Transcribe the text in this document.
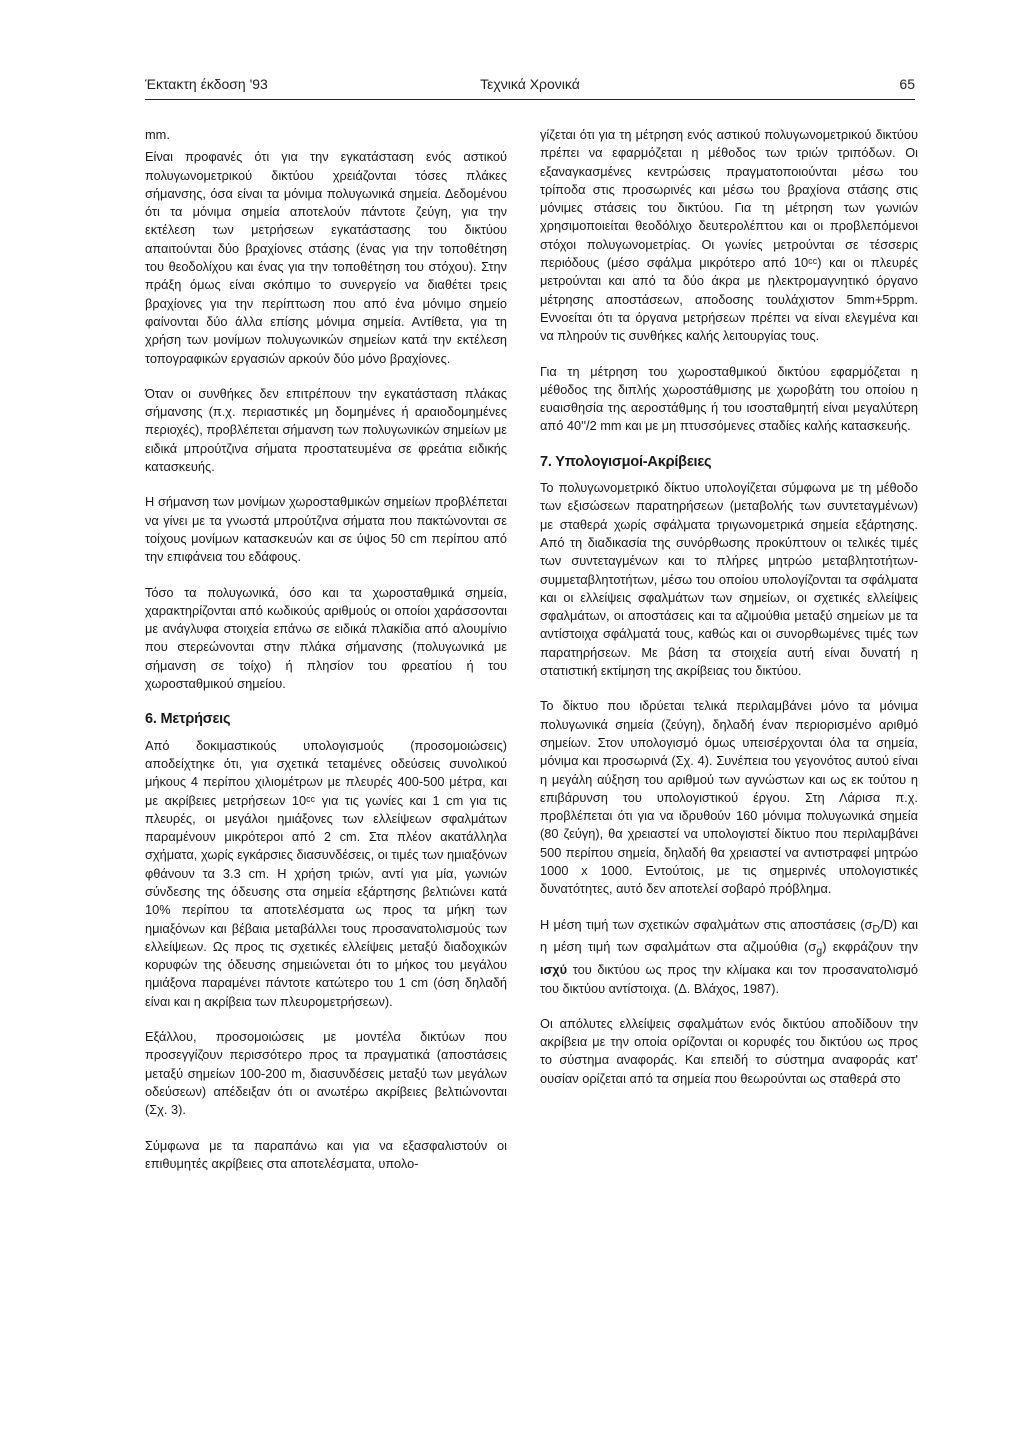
Έκτακτη έκδοση '93	Τεχνικά Χρονικά	65

mm.

Είναι προφανές ότι για την εγκατάσταση ενός αστικού πολυγωνομετρικού δικτύου χρειάζονται τόσες πλάκες σήμανσης, όσα είναι τα μόνιμα πολυγωνικά σημεία. Δεδομένου ότι τα μόνιμα σημεία αποτελούν πάντοτε ζεύγη, για την εκτέλεση των μετρήσεων εγκατάστασης του δικτύου απαιτούνται δύο βραχίονες στάσης (ένας για την τοποθέτηση του θεοδολίχου και ένας για την τοποθέτηση του στόχου). Στην πράξη όμως είναι σκόπιμο το συνεργείο να διαθέτει τρεις βραχίονες για την περίπτωση που από ένα μόνιμο σημείο φαίνονται δύο άλλα επίσης μόνιμα σημεία. Αντίθετα, για τη χρήση των μονίμων πολυγωνικών σημείων κατά την εκτέλεση τοπογραφικών εργασιών αρκούν δύο μόνο βραχίονες.

Όταν οι συνθήκες δεν επιτρέπουν την εγκατάσταση πλάκας σήμανσης (π.χ. περιαστικές μη δομημένες ή αραιοδομημένες περιοχές), προβλέπεται σήμανση των πολυγωνικών σημείων με ειδικά μπρούτζινα σήματα προστατευμένα σε φρεάτια ειδικής κατασκευής.

Η σήμανση των μονίμων χωροσταθμικών σημείων προβλέπεται να γίνει με τα γνωστά μπρούτζινα σήματα που πακτώνονται σε τοίχους μονίμων κατασκευών και σε ύψος 50 cm περίπου από την επιφάνεια του εδάφους.

Τόσο τα πολυγωνικά, όσο και τα χωροσταθμικά σημεία, χαρακτηρίζονται από κωδικούς αριθμούς οι οποίοι χαράσσονται με ανάγλυφα στοιχεία επάνω σε ειδικά πλακίδια από αλουμίνιο που στερεώνονται στην πλάκα σήμανσης (πολυγωνικά με σήμανση σε τοίχο) ή πλησίον του φρεατίου ή του χωροσταθμικού σημείου.

6. Μετρήσεις

Από δοκιμαστικούς υπολογισμούς (προσομοιώσεις) αποδείχτηκε ότι, για σχετικά τεταμένες οδεύσεις συνολικού μήκους 4 περίπου χιλιομέτρων με πλευρές 400-500 μέτρα, και με ακρίβειες μετρήσεων 10ᶜᶜ για τις γωνίες και 1 cm για τις πλευρές, οι μεγάλοι ημιάξονες των ελλείψεων σφαλμάτων παραμένουν μικρότεροι από 2 cm. Στα πλέον ακατάλληλα σχήματα, χωρίς εγκάρσιες διασυνδέσεις, οι τιμές των ημιαξόνων φθάνουν τα 3.3 cm. Η χρήση τριών, αντί για μία, γωνιών σύνδεσης της όδευσης στα σημεία εξάρτησης βελτιώνει κατά 10% περίπου τα αποτελέσματα ως προς τα μήκη των ημιαξόνων και βέβαια μεταβάλλει τους προσανατολισμούς των ελλείψεων. Ως προς τις σχετικές ελλείψεις μεταξύ διαδοχικών κορυφών της όδευσης σημειώνεται ότι το μήκος του μεγάλου ημιάξονα παραμένει πάντοτε κατώτερο του 1 cm (όση δηλαδή είναι και η ακρίβεια των πλευρομετρήσεων).

Εξάλλου, προσομοιώσεις με μοντέλα δικτύων που προσεγγίζουν περισσότερο προς τα πραγματικά (αποστάσεις μεταξύ σημείων 100-200 m, διασυνδέσεις μεταξύ των μεγάλων οδεύσεων) απέδειξαν ότι οι ανωτέρω ακρίβειες βελτιώνονται (Σχ. 3).

Σύμφωνα με τα παραπάνω και για να εξασφαλιστούν οι επιθυμητές ακρίβειες στα αποτελέσματα, υπολο-

γίζεται ότι για τη μέτρηση ενός αστικού πολυγωνομετρικού δικτύου πρέπει να εφαρμόζεται η μέθοδος των τριών τριπόδων. Οι εξαναγκασμένες κεντρώσεις πραγματοποιούνται μέσω του τρίποδα στις προσωρινές και μέσω του βραχίονα στάσης στις μόνιμες στάσεις του δικτύου. Για τη μέτρηση των γωνιών χρησιμοποιείται θεοδόλιχο δευτερολέπτου και οι προβλεπόμενοι στόχοι πολυγωνομετρίας. Οι γωνίες μετρούνται σε τέσσερις περιόδους (μέσο σφάλμα μικρότερο από 10ᶜᶜ) και οι πλευρές μετρούνται και από τα δύο άκρα με ηλεκτρομαγνητικό όργανο μέτρησης αποστάσεων, αποδοσης τουλάχιστον 5mm+5ppm. Εννοείται ότι τα όργανα μετρήσεων πρέπει να είναι ελεγμένα και να πληρούν τις συνθήκες καλής λειτουργίας τους.

Για τη μέτρηση του χωροσταθμικού δικτύου εφαρμόζεται η μέθοδος της διπλής χωροστάθμισης με χωροβάτη του οποίου η ευαισθησία της αεροστάθμης ή του ισοσταθμητή είναι μεγαλύτερη από 40''/2 mm και με μη πτυσσόμενες σταδίες καλής κατασκευής.

7. Υπολογισμοί-Ακρίβειες

Το πολυγωνομετρικό δίκτυο υπολογίζεται σύμφωνα με τη μέθοδο των εξισώσεων παρατηρήσεων (μεταβολής των συντεταγμένων) με σταθερά χωρίς σφάλματα τριγωνομετρικά σημεία εξάρτησης. Από τη διαδικασία της συνόρθωσης προκύπτουν οι τελικές τιμές των συντεταγμένων και το πλήρες μητρώο μεταβλητοτήτων-συμμεταβλητοτήτων, μέσω του οποίου υπολογίζονται τα σφάλματα και οι ελλείψεις σφαλμάτων των σημείων, οι σχετικές ελλείψεις σφαλμάτων, οι αποστάσεις και τα αζιμούθια μεταξύ σημείων με τα αντίστοιχα σφάλματά τους, καθώς και οι συνορθωμένες τιμές των παρατηρήσεων. Με βάση τα στοιχεία αυτή είναι δυνατή η στατιστική εκτίμηση της ακρίβειας του δικτύου.

Το δίκτυο που ιδρύεται τελικά περιλαμβάνει μόνο τα μόνιμα πολυγωνικά σημεία (ζεύγη), δηλαδή έναν περιορισμένο αριθμό σημείων. Στον υπολογισμό όμως υπεισέρχονται όλα τα σημεία, μόνιμα και προσωρινά (Σχ. 4). Συνέπεια του γεγονότος αυτού είναι η μεγάλη αύξηση του αριθμού των αγνώστων και ως εκ τούτου η επιβάρυνση του υπολογιστικού έργου. Στη Λάρισα π.χ. προβλέπεται ότι για να ιδρυθούν 160 μόνιμα πολυγωνικά σημεία (80 ζεύγη), θα χρειαστεί να υπολογιστεί δίκτυο που περιλαμβάνει 500 περίπου σημεία, δηλαδή θα χρειαστεί να αντιστραφεί μητρώο 1000 x 1000. Εντούτοις, με τις σημερινές υπολογιστικές δυνατότητες, αυτό δεν αποτελεί σοβαρό πρόβλημα.

Η μέση τιμή των σχετικών σφαλμάτων στις αποστάσεις $(\sigma_D/D)$ και η μέση τιμή των σφαλμάτων στα αζιμούθια $(\sigma_g)$ εκφράζουν την ισχύ του δικτύου ως προς την κλίμακα και τον προσανατολισμό του δικτύου αντίστοιχα. (Δ. Βλάχος, 1987).

Οι απόλυτες ελλείψεις σφαλμάτων ενός δικτύου αποδίδουν την ακρίβεια με την οποία ορίζονται οι κορυφές του δικτύου ως προς το σύστημα αναφοράς. Και επειδή το σύστημα αναφοράς κατ' ουσίαν ορίζεται από τα σημεία που θεωρούνται ως σταθερά στο
